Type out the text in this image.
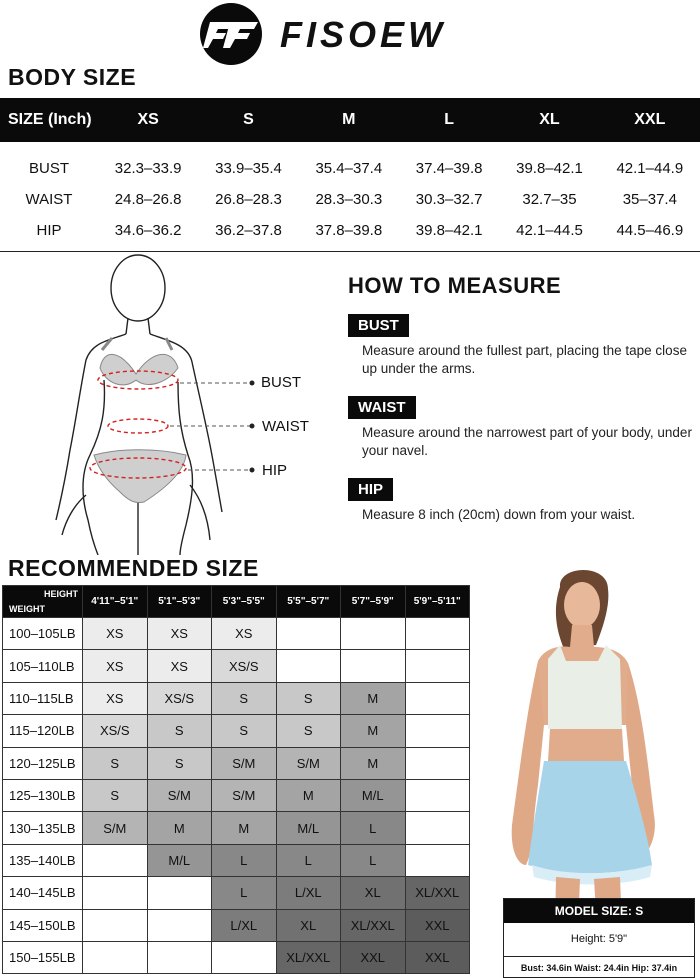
FISOEW
BODY SIZE
SIZE (Inch)	XS	S	M	L	XL	XXL
BUST	32.3–33.9	33.9–35.4	35.4–37.4	37.4–39.8	39.8–42.1	42.1–44.9
WAIST	24.8–26.8	26.8–28.3	28.3–30.3	30.3–32.7	32.7–35	35–37.4
HIP	34.6–36.2	36.2–37.8	37.8–39.8	39.8–42.1	42.1–44.5	44.5–46.9
BUST
WAIST
HIP
HOW TO MEASURE
BUST
Measure around the fullest part, placing the tape close up under the arms.
WAIST
Measure around the narrowest part of your body, under your navel.
HIP
Measure 8 inch (20cm) down from your waist.
RECOMMENDED SIZE
HEIGHT
WEIGHT	4'11"–5'1"	5'1"–5'3"	5'3"–5'5"	5'5"–5'7"	5'7"–5'9"	5'9"–5'11"
100–105LB	XS	XS	XS			
105–110LB	XS	XS	XS/S			
110–115LB	XS	XS/S	S	S	M	
115–120LB	XS/S	S	S	S	M	
120–125LB	S	S	S/M	S/M	M	
125–130LB	S	S/M	S/M	M	M/L	
130–135LB	S/M	M	M	M/L	L	
135–140LB		M/L	L	L	L	
140–145LB			L	L/XL	XL	XL/XXL
145–150LB			L/XL	XL	XL/XXL	XXL
150–155LB				XL/XXL	XXL	XXL
MODEL SIZE: S
Height: 5'9"
Bust: 34.6in Waist: 24.4in Hip: 37.4in
